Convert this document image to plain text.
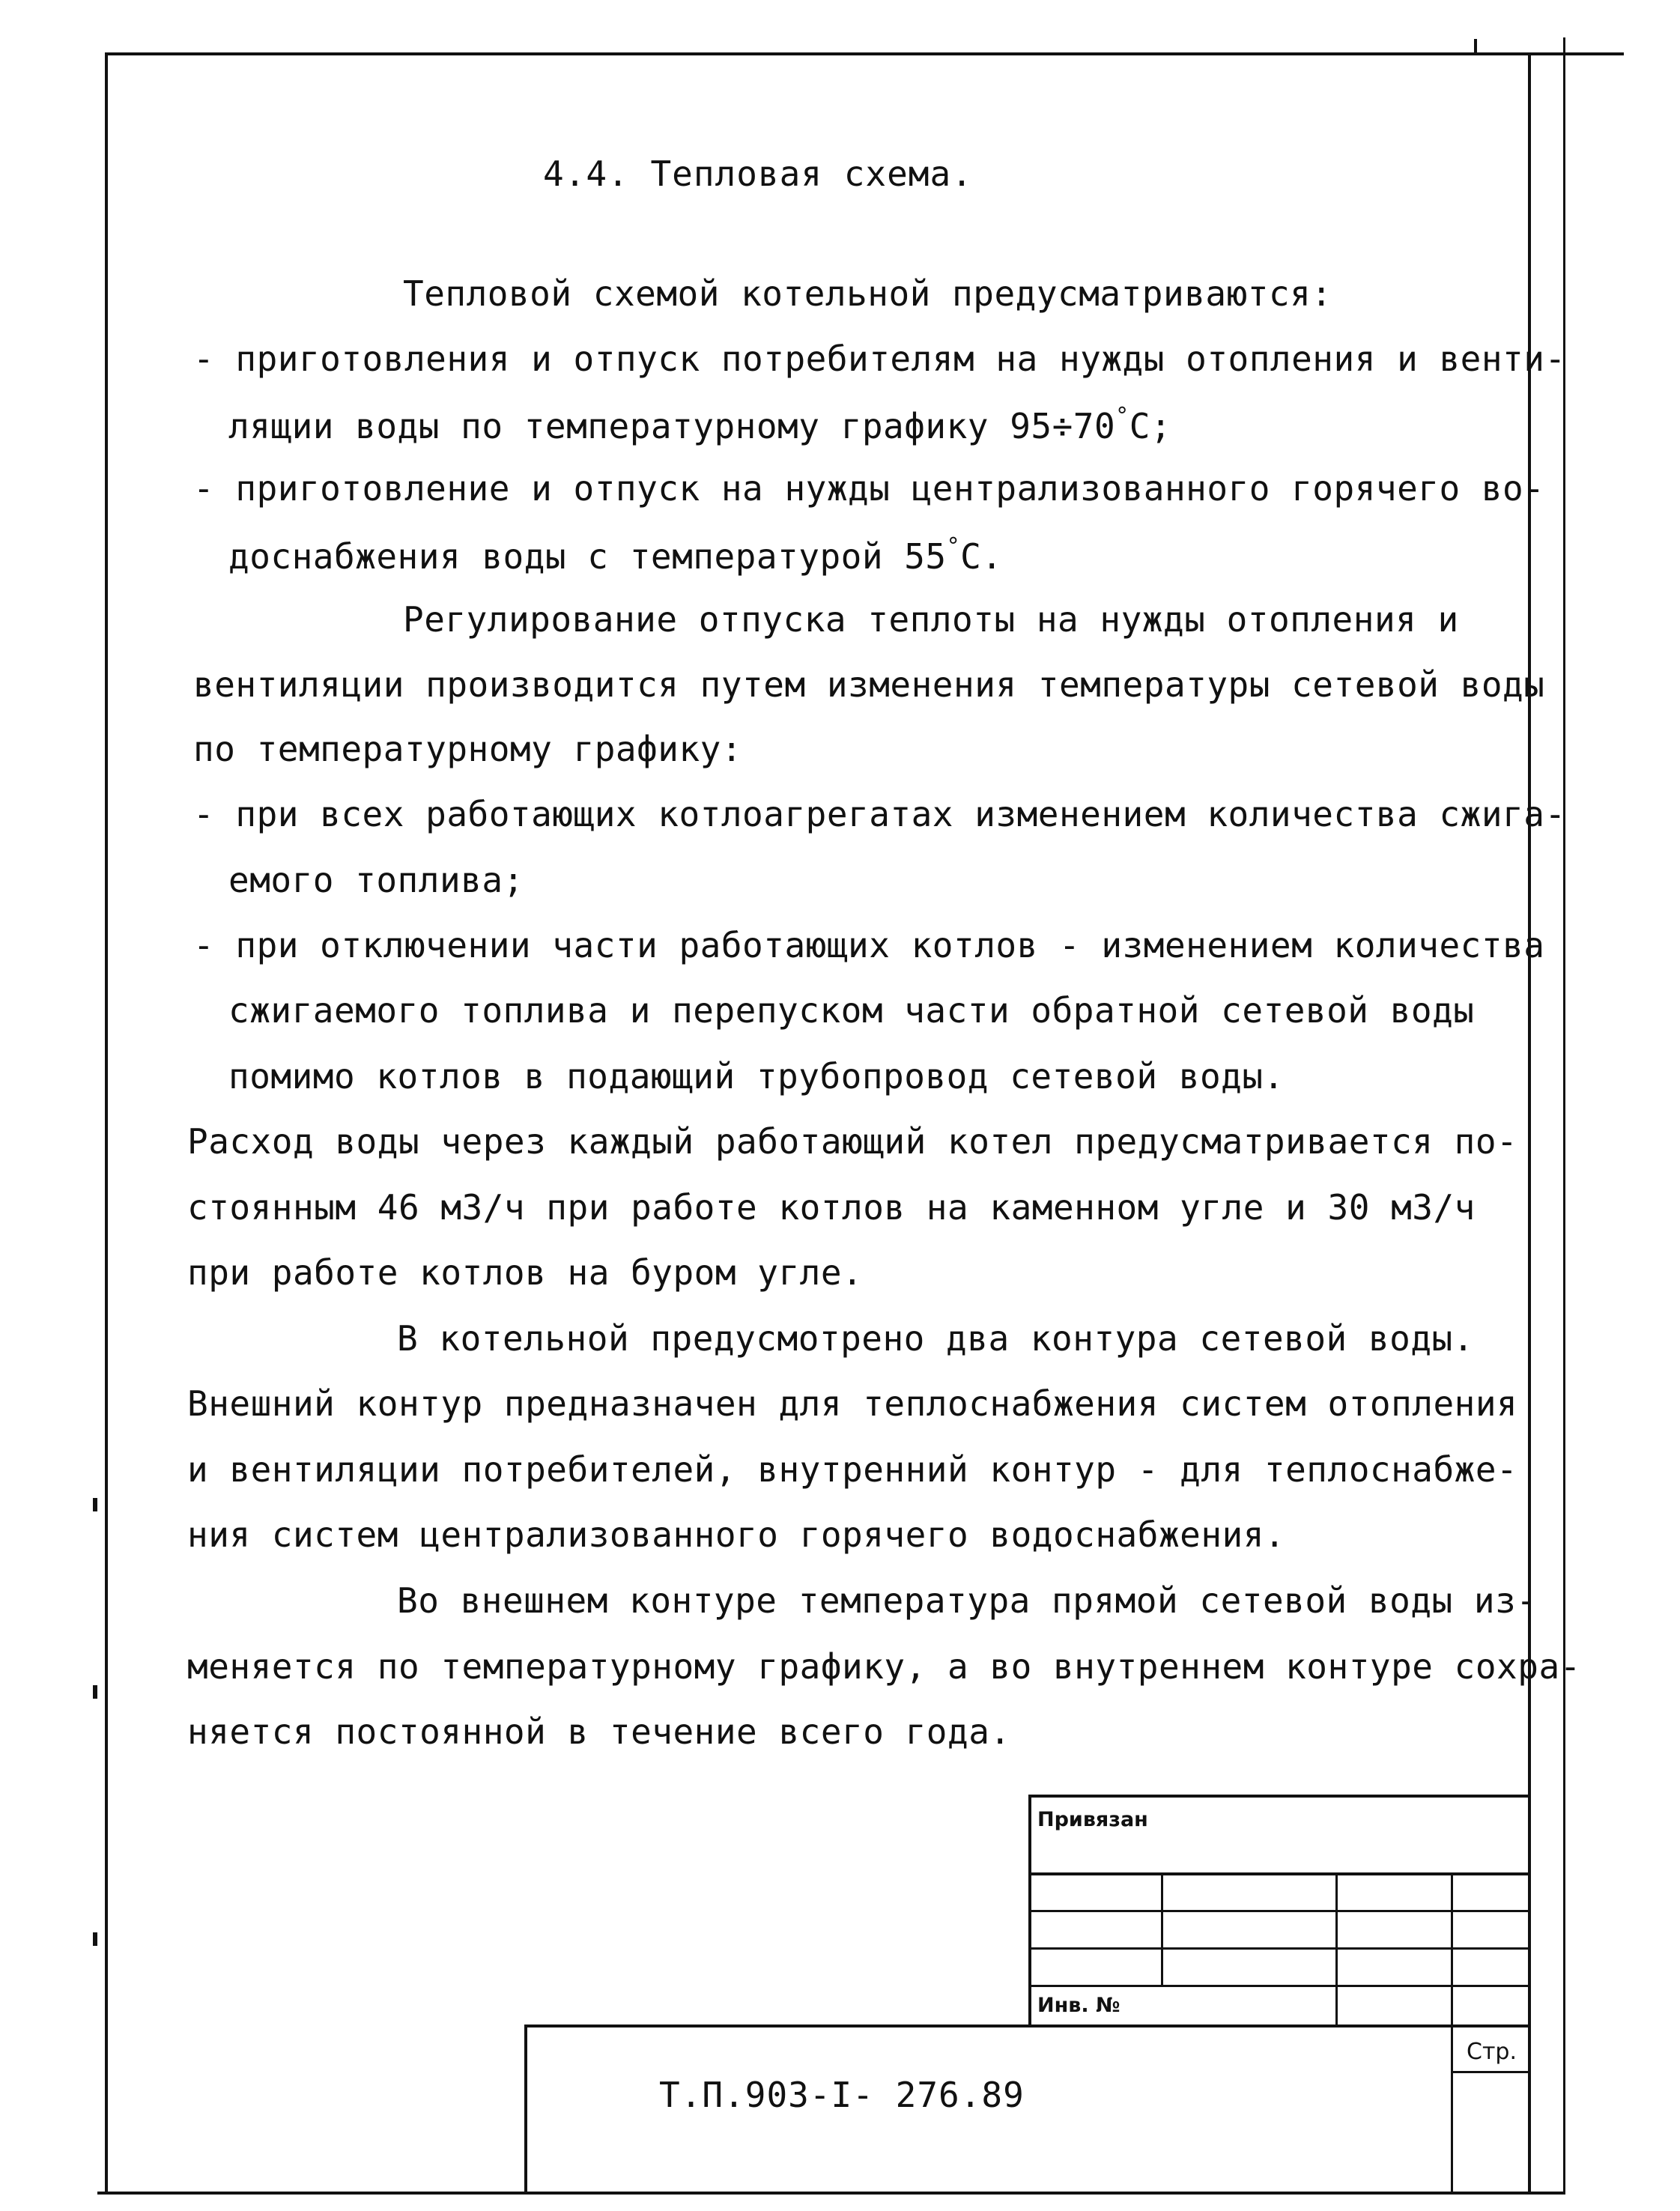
4.4. Тепловая схема.
Тепловой схемой котельной предусматриваются:
- приготовления и отпуск потребителям на нужды отопления и венти-
лящии воды по температурному графику 95÷70°С;
- приготовление и отпуск на нужды централизованного горячего во-
доснабжения воды с температурой 55°С.
Регулирование отпуска теплоты на нужды отопления и
вентиляции производится путем изменения температуры сетевой воды
по температурному графику:
- при всех работающих котлоагрегатах изменением количества сжига-
емого топлива;
- при отключении части работающих котлов - изменением количества
сжигаемого топлива и перепуском части обратной сетевой воды
помимо котлов в подающий трубопровод сетевой воды.
Расход воды через каждый работающий котел предусматривается по-
стоянным 46 м3/ч при работе котлов на каменном угле и 30 м3/ч
при работе котлов на буром угле.
В котельной предусмотрено два контура сетевой воды.
Внешний контур предназначен для теплоснабжения систем отопления
и вентиляции потребителей, внутренний контур - для теплоснабже-
ния систем централизованного горячего водоснабжения.
Во внешнем контуре температура прямой сетевой воды из-
меняется по температурному графику, а во внутреннем контуре сохра-
няется постоянной в течение всего года.
Привязан
Инв. №
Стр.
Т.П.903-I- 276.89
